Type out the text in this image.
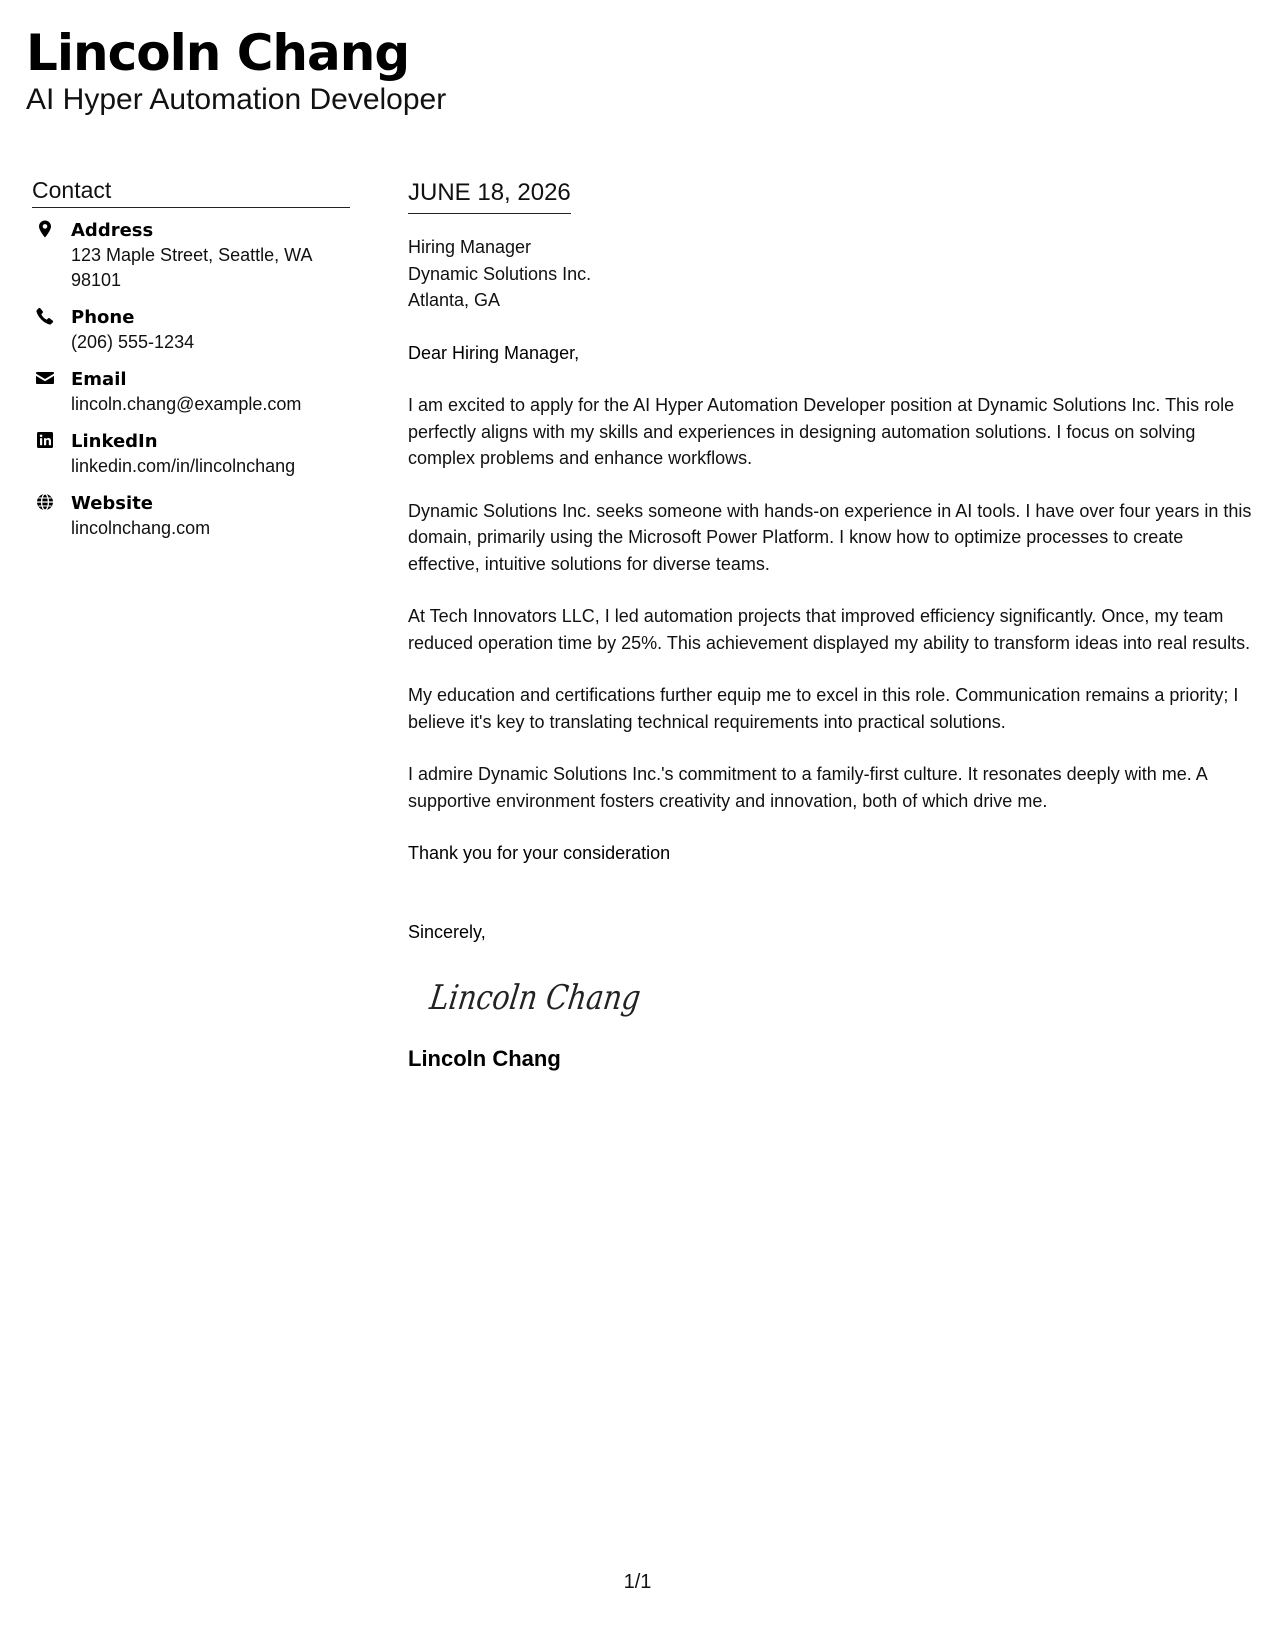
Lincoln Chang
AI Hyper Automation Developer
Contact
Address
123 Maple Street, Seattle, WA 98101
Phone
(206) 555-1234
Email
lincoln.chang@example.com
LinkedIn
linkedin.com/in/lincolnchang
Website
lincolnchang.com
JUNE 18, 2026
Hiring Manager
Dynamic Solutions Inc.
Atlanta, GA
Dear Hiring Manager,

I am excited to apply for the AI Hyper Automation Developer position at Dynamic Solutions Inc. This role perfectly aligns with my skills and experiences in designing automation solutions. I focus on solving complex problems and enhance workflows.

Dynamic Solutions Inc. seeks someone with hands-on experience in AI tools. I have over four years in this domain, primarily using the Microsoft Power Platform. I know how to optimize processes to create effective, intuitive solutions for diverse teams.

At Tech Innovators LLC, I led automation projects that improved efficiency significantly. Once, my team reduced operation time by 25%. This achievement displayed my ability to transform ideas into real results.

My education and certifications further equip me to excel in this role. Communication remains a priority; I believe it's key to translating technical requirements into practical solutions.

I admire Dynamic Solutions Inc.'s commitment to a family-first culture. It resonates deeply with me. A supportive environment fosters creativity and innovation, both of which drive me.

Thank you for your consideration
Sincerely,
Lincoln Chang
Lincoln Chang
1/1
